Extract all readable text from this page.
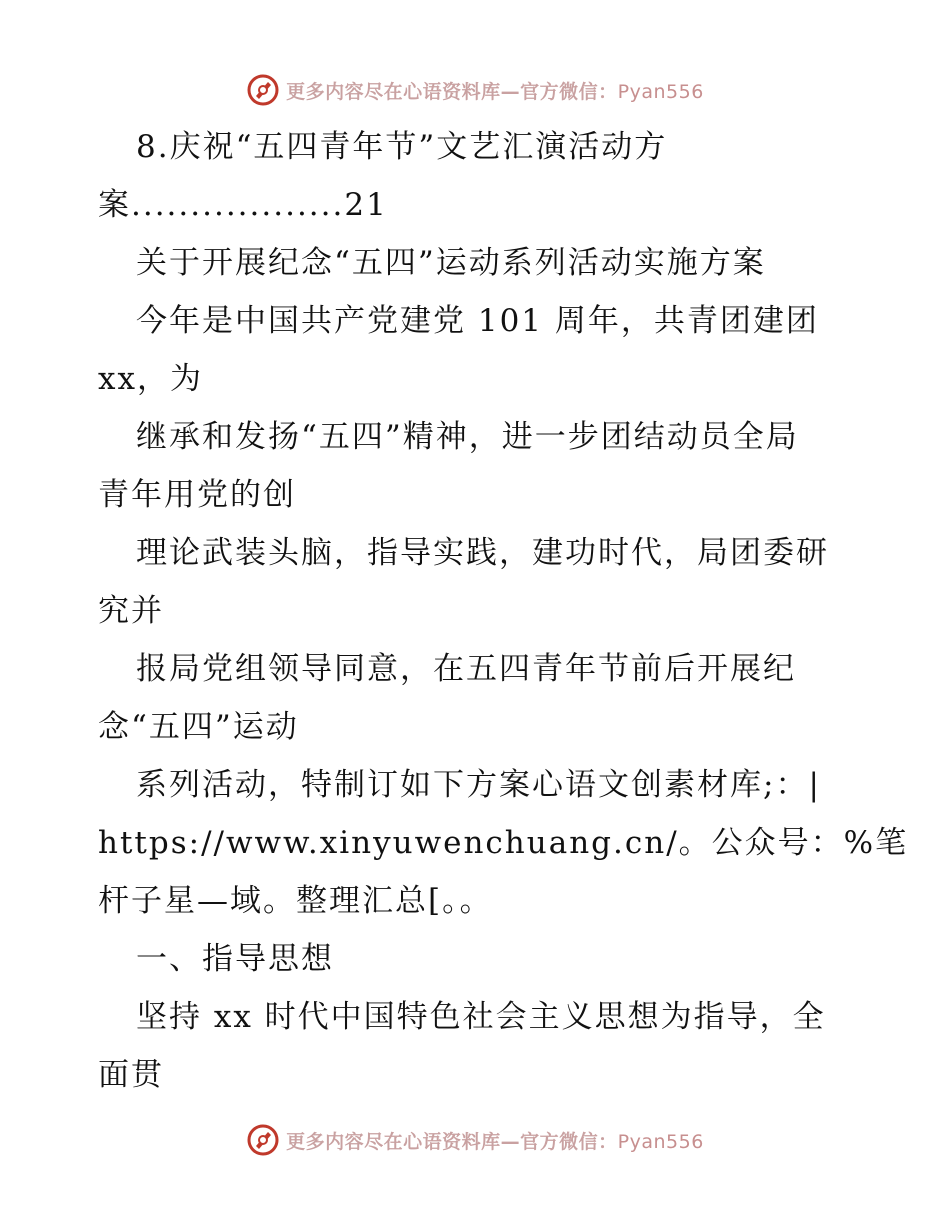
更多内容尽在心语资料库—官方微信：Pyan556
8.庆祝“五四青年节”文艺汇演活动方
案..................21
关于开展纪念“五四”运动系列活动实施方案
今年是中国共产党建党 101 周年，共青团建团
xx，为
继承和发扬“五四”精神，进一步团结动员全局
青年用党的创
理论武装头脑，指导实践，建功时代，局团委研
究并
报局党组领导同意，在五四青年节前后开展纪
念“五四”运动
系列活动，特制订如下方案心语文创素材库;：|
https://www.xinyuwenchuang.cn/。公众号：%笔
杆子星—域。整理汇总[。。
一、指导思想
坚持 xx 时代中国特色社会主义思想为指导，全
面贯
更多内容尽在心语资料库—官方微信：Pyan556
